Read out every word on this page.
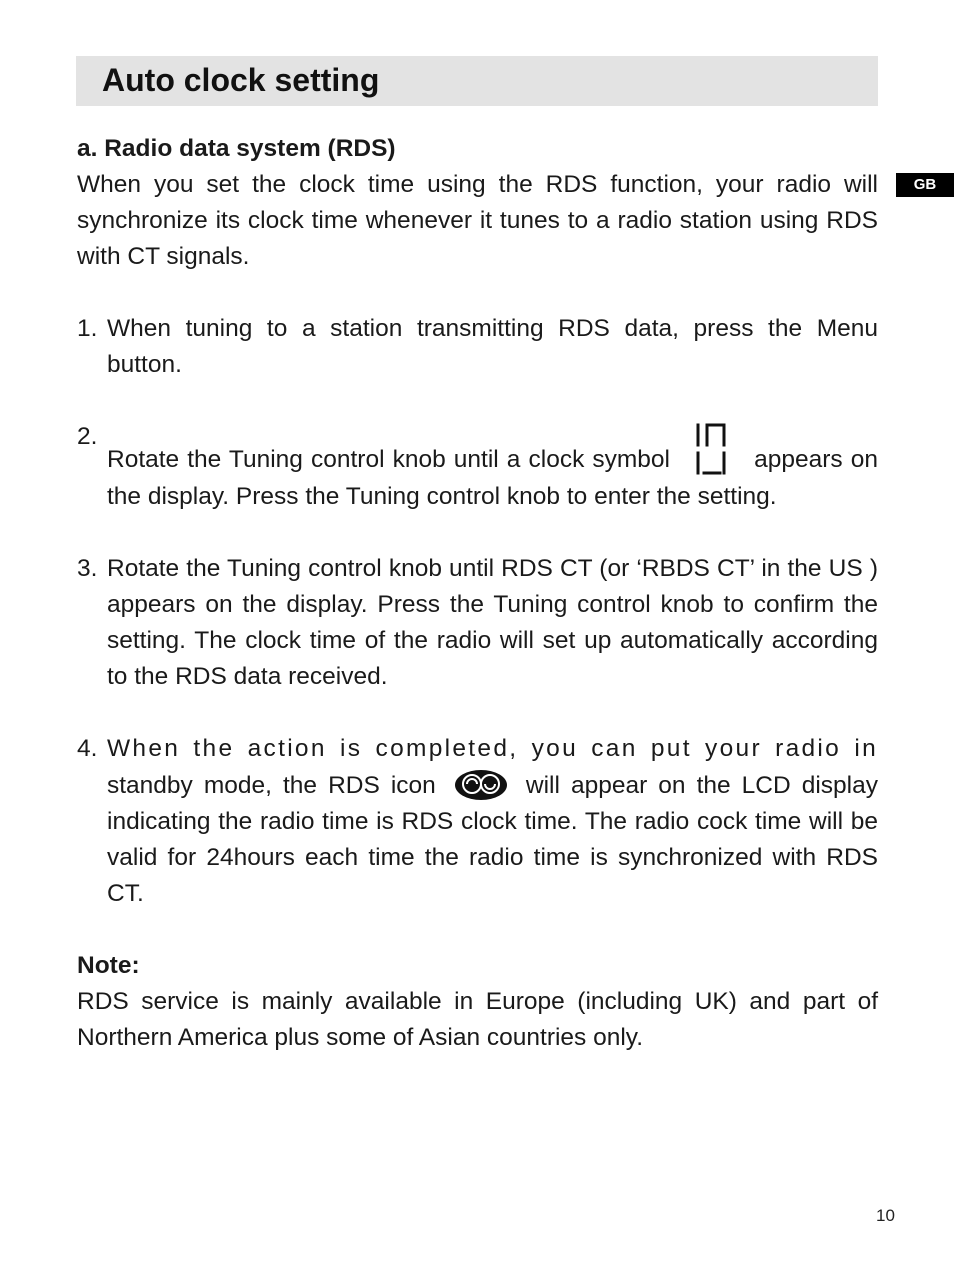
Auto clock setting
GB

a. Radio data system (RDS)

When you set the clock time using the RDS function, your radio will synchronize its clock time whenever it tunes to a radio station using RDS with CT signals.

1. When tuning to a station transmitting RDS data, press the Menu button.
2.
Rotate the Tuning control knob until a clock symbol	appears on the display. Press the Tuning control knob to enter the setting.
3. Rotate the Tuning control knob until RDS CT (or ‘RBDS CT’ in the US ) appears on the display. Press the Tuning control knob to confirm the setting. The clock time of the radio will set up automatically according to the RDS data received.
4. When the action is completed, you can put your radio in standby mode, the RDS icon	will appear on the LCD display indicating the radio time is RDS clock time. The radio cock time will be valid for 24hours each time the radio time is synchronized with RDS CT.

Note:

RDS service is mainly available in Europe (including UK) and part of Northern America plus some of Asian countries only.

10
